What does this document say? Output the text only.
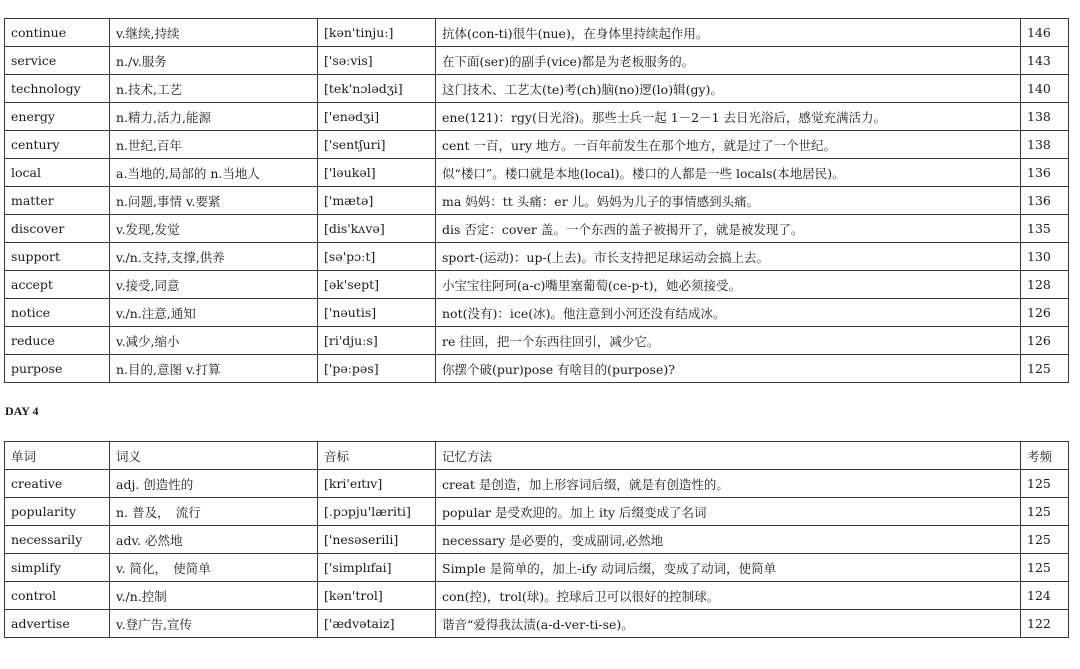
continue	v.继续,持续	[kən'tinjuː]	抗体(con-ti)很牛(nue)，在身体里持续起作用。	146
service	n./v.服务	['səːvis]	在下面(ser)的副手(vice)都是为老板服务的。	143
technology	n.技术,工艺	[tek'nɔlədʒi]	这门技术、工艺太(te)考(ch)脑(no)逻(lo)辑(gy)。	140
energy	n.精力,活力,能源	['enədʒi]	ene(121)：rgy(日光浴)。那些士兵一起 1－2－1 去日光浴后，感觉充满活力。	138
century	n.世纪,百年	['sentʃuri]	cent 一百，ury 地方。一百年前发生在那个地方，就是过了一个世纪。	138
local	a.当地的,局部的 n.当地人	['ləukəl]	似“楼口”。楼口就是本地(local)。楼口的人都是一些 locals(本地居民)。	136
matter	n.问题,事情 v.要紧	['mætə]	ma 妈妈：tt 头痛：er 儿。妈妈为儿子的事情感到头痛。	136
discover	v.发现,发觉	[dis'kʌvə]	dis 否定：cover 盖。一个东西的盖子被揭开了，就是被发现了。	135
support	v./n.支持,支撑,供养	[sə'pɔːt]	sport-(运动)：up-(上去)。市长支持把足球运动会搞上去。	130
accept	v.接受,同意	[ək'sept]	小宝宝往阿珂(a-c)嘴里塞葡萄(ce-p-t)，她必须接受。	128
notice	v./n.注意,通知	['nəutis]	not(没有)：ice(冰)。他注意到小河还没有结成冰。	126
reduce	v.减少,缩小	[ri'djuːs]	re 往回，把一个东西往回引，减少它。	126
purpose	n.目的,意图 v.打算	['pəːpəs]	你摆个破(pur)pose 有啥目的(purpose)?	125
DAY 4
单词	词义	音标	记忆方法	考频
creative	adj. 创造性的	[kri'eɪtɪv]	creat 是创造，加上形容词后缀，就是有创造性的。	125
popularity	n. 普及，　流行	[.pɔpju'læriti]	popular 是受欢迎的。加上 ity 后缀变成了名词	125
necessarily	adv. 必然地	['nesəserili]	necessary 是必要的，变成副词,必然地	125
simplify	v. 简化，　使简单	['simplɪfai]	Simple 是简单的，加上-ify 动词后缀，变成了动词，使简单	125
control	v./n.控制	[kən'trol]	con(控)，trol(球)。控球后卫可以很好的控制球。	124
advertise	v.登广告,宣传	['ædvətaiz]	谐音“爱得我汰渍(a-d-ver-ti-se)。	122
